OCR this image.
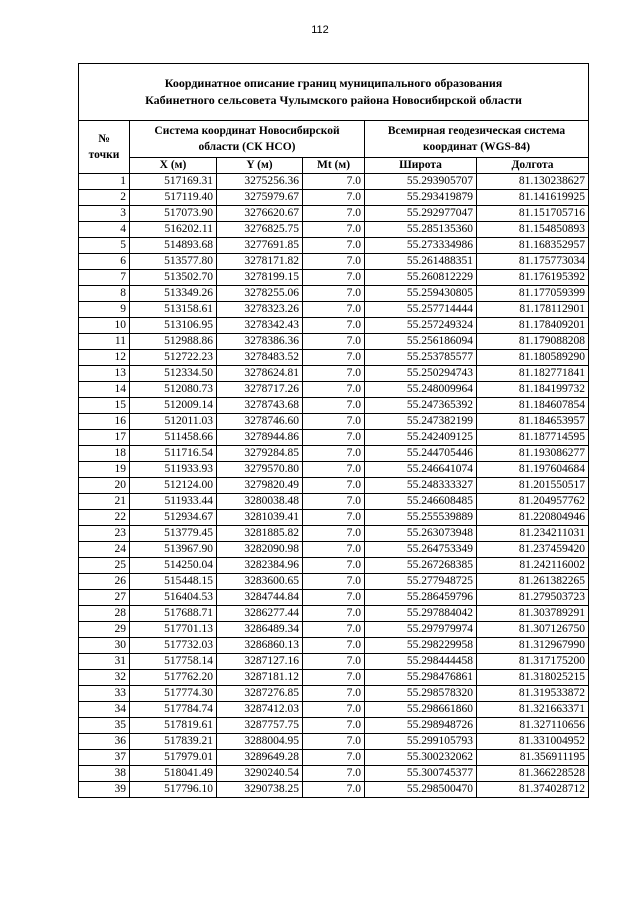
112
Координатное описание границ муниципального образования
Кабинетного сельсовета Чулымского района Новосибирской области					
№
точки	Система координат Новосибирской
области (СК НСО)			Всемирная геодезическая система
координат (WGS-84)	
	X (м)	Y (м)	Mt (м)	Широта	Долгота
1	517169.31	3275256.36	7.0	55.293905707	81.130238627
2	517119.40	3275979.67	7.0	55.293419879	81.141619925
3	517073.90	3276620.67	7.0	55.292977047	81.151705716
4	516202.11	3276825.75	7.0	55.285135360	81.154850893
5	514893.68	3277691.85	7.0	55.273334986	81.168352957
6	513577.80	3278171.82	7.0	55.261488351	81.175773034
7	513502.70	3278199.15	7.0	55.260812229	81.176195392
8	513349.26	3278255.06	7.0	55.259430805	81.177059399
9	513158.61	3278323.26	7.0	55.257714444	81.178112901
10	513106.95	3278342.43	7.0	55.257249324	81.178409201
11	512988.86	3278386.36	7.0	55.256186094	81.179088208
12	512722.23	3278483.52	7.0	55.253785577	81.180589290
13	512334.50	3278624.81	7.0	55.250294743	81.182771841
14	512080.73	3278717.26	7.0	55.248009964	81.184199732
15	512009.14	3278743.68	7.0	55.247365392	81.184607854
16	512011.03	3278746.60	7.0	55.247382199	81.184653957
17	511458.66	3278944.86	7.0	55.242409125	81.187714595
18	511716.54	3279284.85	7.0	55.244705446	81.193086277
19	511933.93	3279570.80	7.0	55.246641074	81.197604684
20	512124.00	3279820.49	7.0	55.248333327	81.201550517
21	511933.44	3280038.48	7.0	55.246608485	81.204957762
22	512934.67	3281039.41	7.0	55.255539889	81.220804946
23	513779.45	3281885.82	7.0	55.263073948	81.234211031
24	513967.90	3282090.98	7.0	55.264753349	81.237459420
25	514250.04	3282384.96	7.0	55.267268385	81.242116002
26	515448.15	3283600.65	7.0	55.277948725	81.261382265
27	516404.53	3284744.84	7.0	55.286459796	81.279503723
28	517688.71	3286277.44	7.0	55.297884042	81.303789291
29	517701.13	3286489.34	7.0	55.297979974	81.307126750
30	517732.03	3286860.13	7.0	55.298229958	81.312967990
31	517758.14	3287127.16	7.0	55.298444458	81.317175200
32	517762.20	3287181.12	7.0	55.298476861	81.318025215
33	517774.30	3287276.85	7.0	55.298578320	81.319533872
34	517784.74	3287412.03	7.0	55.298661860	81.321663371
35	517819.61	3287757.75	7.0	55.298948726	81.327110656
36	517839.21	3288004.95	7.0	55.299105793	81.331004952
37	517979.01	3289649.28	7.0	55.300232062	81.356911195
38	518041.49	3290240.54	7.0	55.300745377	81.366228528
39	517796.10	3290738.25	7.0	55.298500470	81.374028712
